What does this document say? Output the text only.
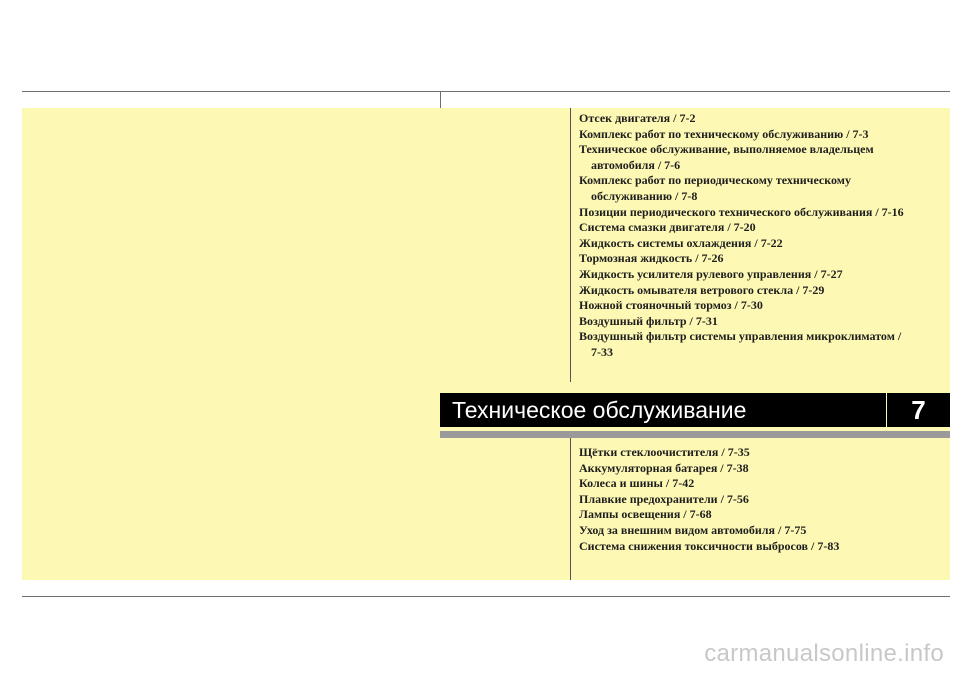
Отсек двигателя / 7-2
Комплекс работ по техническому обслуживанию / 7-3
Техническое обслуживание, выполняемое владельцем автомобиля / 7-6
Комплекс работ по периодическому техническому обслуживанию / 7-8
Позиции периодического технического обслуживания / 7-16
Система смазки двигателя / 7-20
Жидкость системы охлаждения / 7-22
Тормозная жидкость / 7-26
Жидкость усилителя рулевого управления / 7-27
Жидкость омывателя ветрового стекла / 7-29
Ножной стояночный тормоз / 7-30
Воздушный фильтр / 7-31
Воздушный фильтр системы управления микроклиматом / 7-33
Техническое обслуживание	7
Щётки стеклоочистителя / 7-35
Аккумуляторная батарея / 7-38
Колеса и шины / 7-42
Плавкие предохранители / 7-56
Лампы освещения / 7-68
Уход за внешним видом автомобиля / 7-75
Система снижения токсичности выбросов / 7-83
carmanualsonline.info
